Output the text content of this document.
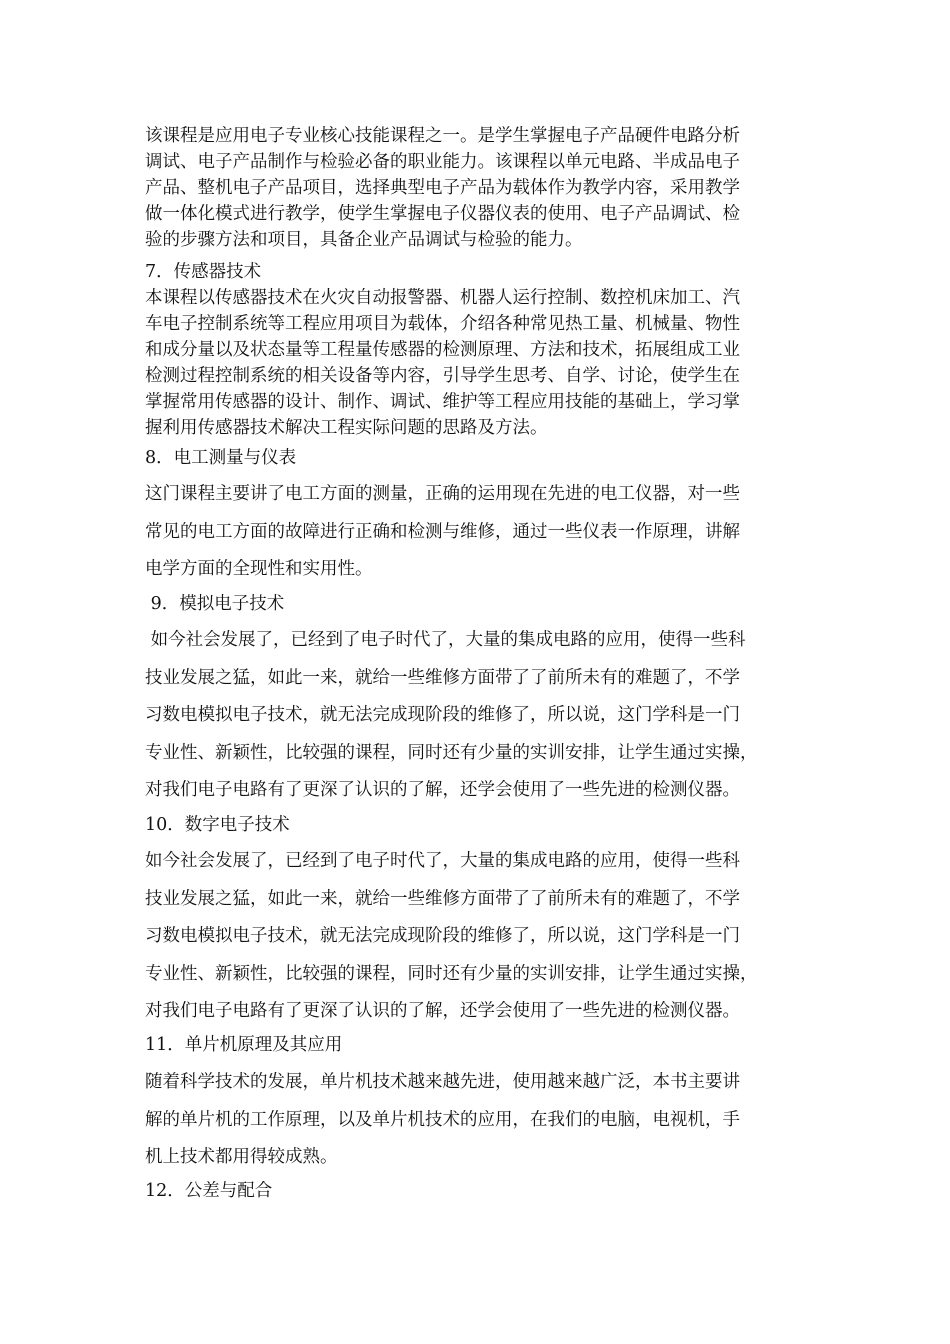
该课程是应用电子专业核心技能课程之一。是学生掌握电子产品硬件电路分析
调试、电子产品制作与检验必备的职业能力。该课程以单元电路、半成品电子
产品、整机电子产品项目，选择典型电子产品为载体作为教学内容，采用教学
做一体化模式进行教学，使学生掌握电子仪器仪表的使用、电子产品调试、检
验的步骤方法和项目，具备企业产品调试与检验的能力。
7．传感器技术
本课程以传感器技术在火灾自动报警器、机器人运行控制、数控机床加工、汽
车电子控制系统等工程应用项目为载体，介绍各种常见热工量、机械量、物性
和成分量以及状态量等工程量传感器的检测原理、方法和技术，拓展组成工业
检测过程控制系统的相关设备等内容，引导学生思考、自学、讨论，使学生在
掌握常用传感器的设计、制作、调试、维护等工程应用技能的基础上，学习掌
握利用传感器技术解决工程实际问题的思路及方法。
8．电工测量与仪表
这门课程主要讲了电工方面的测量，正确的运用现在先进的电工仪器，对一些
常见的电工方面的故障进行正确和检测与维修，通过一些仪表一作原理，讲解
电学方面的全现性和实用性。
9．模拟电子技术
如今社会发展了，已经到了电子时代了，大量的集成电路的应用，使得一些科
技业发展之猛，如此一来，就给一些维修方面带了了前所未有的难题了，不学
习数电模拟电子技术，就无法完成现阶段的维修了，所以说，这门学科是一门
专业性、新颖性，比较强的课程，同时还有少量的实训安排，让学生通过实操，
对我们电子电路有了更深了认识的了解，还学会使用了一些先进的检测仪器。
10．数字电子技术
如今社会发展了，已经到了电子时代了，大量的集成电路的应用，使得一些科
技业发展之猛，如此一来，就给一些维修方面带了了前所未有的难题了，不学
习数电模拟电子技术，就无法完成现阶段的维修了，所以说，这门学科是一门
专业性、新颖性，比较强的课程，同时还有少量的实训安排，让学生通过实操，
对我们电子电路有了更深了认识的了解，还学会使用了一些先进的检测仪器。
11．单片机原理及其应用
随着科学技术的发展，单片机技术越来越先进，使用越来越广泛，本书主要讲
解的单片机的工作原理，以及单片机技术的应用，在我们的电脑，电视机，手
机上技术都用得较成熟。
12．公差与配合
